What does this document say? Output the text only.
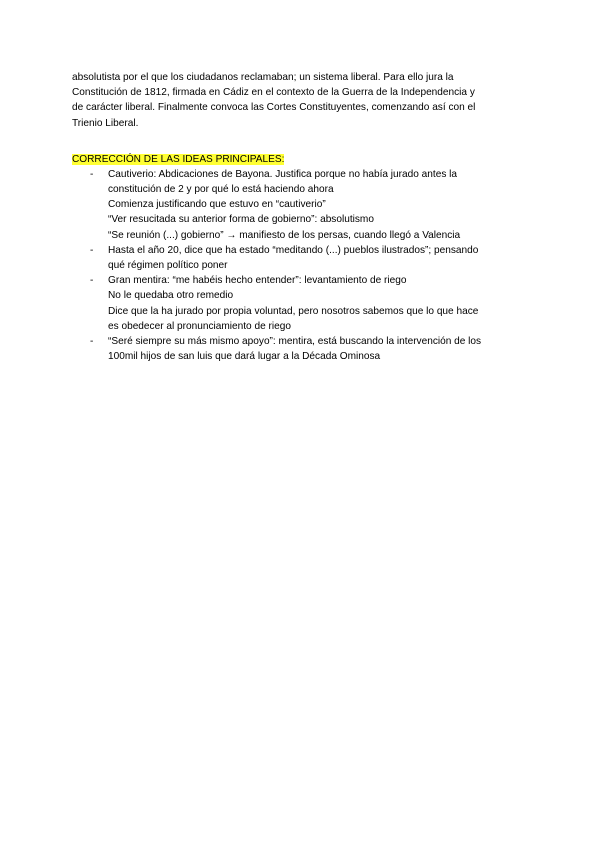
absolutista por el que los ciudadanos reclamaban; un sistema liberal. Para ello jura la

Constitución de 1812, firmada en Cádiz en el contexto de la Guerra de la Independencia y

de carácter liberal. Finalmente convoca las Cortes Constituyentes, comenzando así con el

Trienio Liberal.

CORRECCIÓN DE LAS IDEAS PRINCIPALES:
- Cautiverio: Abdicaciones de Bayona. Justifica porque no había jurado antes la
constitución de 2 y por qué lo está haciendo ahora
Comienza justificando que estuvo en “cautiverio”
“Ver resucitada su anterior forma de gobierno”: absolutismo
“Se reunión (...) gobierno” → manifiesto de los persas, cuando llegó a Valencia
- Hasta el año 20, dice que ha estado “meditando (...) pueblos ilustrados”; pensando
qué régimen político poner
- Gran mentira: “me habéis hecho entender”: levantamiento de riego
No le quedaba otro remedio
Dice que la ha jurado por propia voluntad, pero nosotros sabemos que lo que hace
es obedecer al pronunciamiento de riego
- “Seré siempre su más mismo apoyo”: mentira, está buscando la intervención de los
100mil hijos de san luis que dará lugar a la Década Ominosa
